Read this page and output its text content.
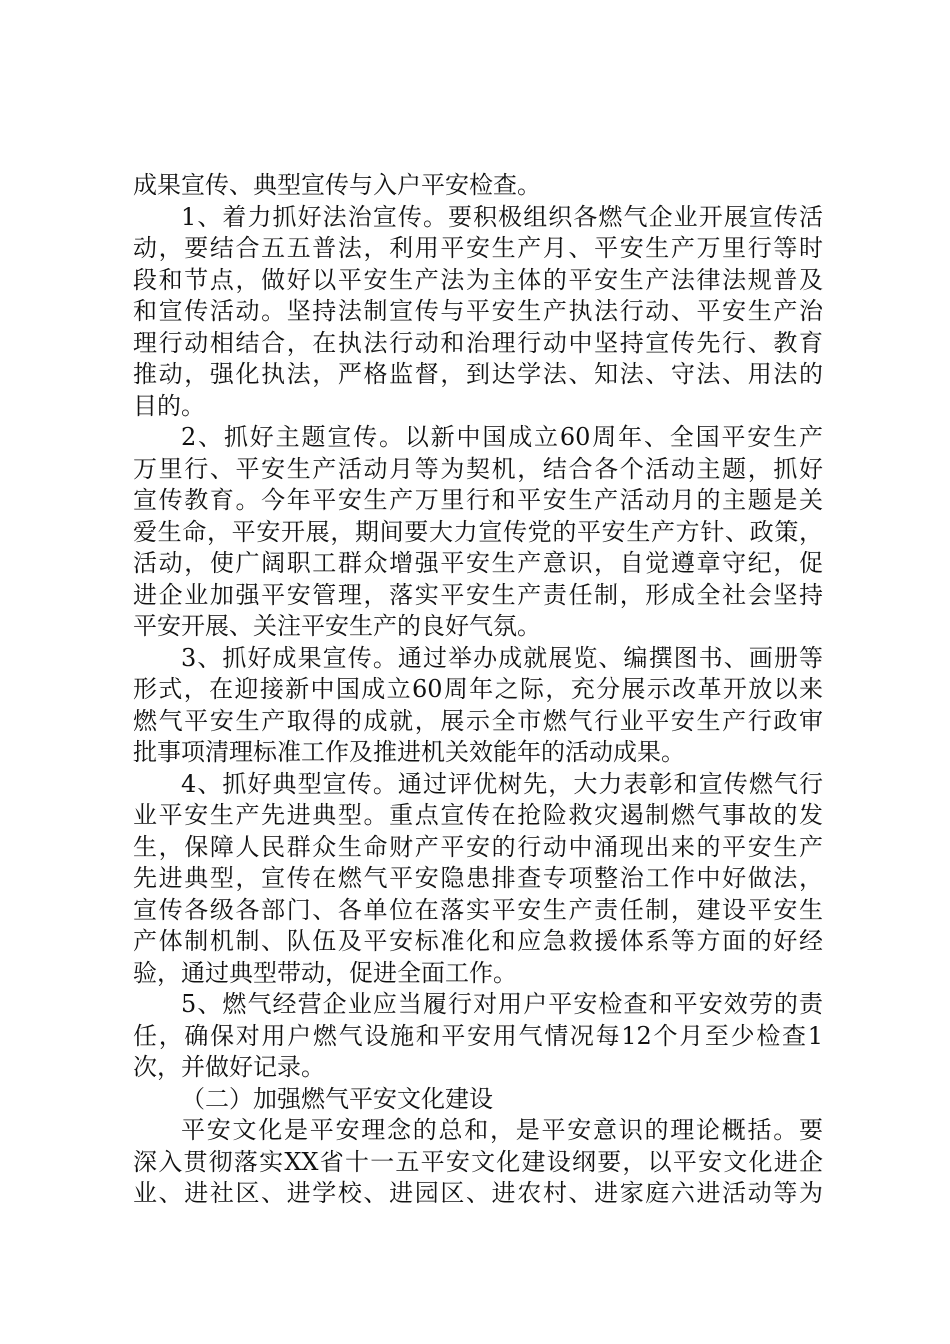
成果宣传、典型宣传与入户平安检查。
1、着力抓好法治宣传。要积极组织各燃气企业开展宣传活
动，要结合五五普法，利用平安生产月、平安生产万里行等时
段和节点，做好以平安生产法为主体的平安生产法律法规普及
和宣传活动。坚持法制宣传与平安生产执法行动、平安生产治
理行动相结合，在执法行动和治理行动中坚持宣传先行、教育
推动，强化执法，严格监督，到达学法、知法、守法、用法的
目的。
2、抓好主题宣传。以新中国成立60周年、全国平安生产
万里行、平安生产活动月等为契机，结合各个活动主题，抓好
宣传教育。今年平安生产万里行和平安生产活动月的主题是关
爱生命，平安开展，期间要大力宣传党的平安生产方针、政策，
活动，使广阔职工群众增强平安生产意识，自觉遵章守纪，促
进企业加强平安管理，落实平安生产责任制，形成全社会坚持
平安开展、关注平安生产的良好气氛。
3、抓好成果宣传。通过举办成就展览、编撰图书、画册等
形式，在迎接新中国成立60周年之际，充分展示改革开放以来
燃气平安生产取得的成就，展示全市燃气行业平安生产行政审
批事项清理标准工作及推进机关效能年的活动成果。
4、抓好典型宣传。通过评优树先，大力表彰和宣传燃气行
业平安生产先进典型。重点宣传在抢险救灾遏制燃气事故的发
生，保障人民群众生命财产平安的行动中涌现出来的平安生产
先进典型，宣传在燃气平安隐患排查专项整治工作中好做法，
宣传各级各部门、各单位在落实平安生产责任制，建设平安生
产体制机制、队伍及平安标准化和应急救援体系等方面的好经
验，通过典型带动，促进全面工作。
5、燃气经营企业应当履行对用户平安检查和平安效劳的责
任，确保对用户燃气设施和平安用气情况每12个月至少检查1
次，并做好记录。
（二）加强燃气平安文化建设
平安文化是平安理念的总和，是平安意识的理论概括。要
深入贯彻落实XX省十一五平安文化建设纲要，以平安文化进企
业、进社区、进学校、进园区、进农村、进家庭六进活动等为
